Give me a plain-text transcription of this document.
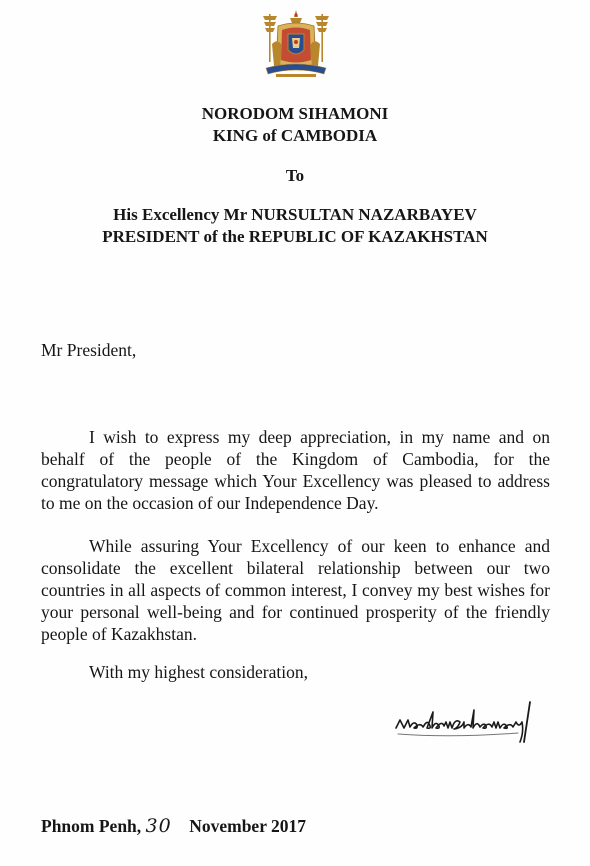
NORODOM SIHAMONI

KING of CAMBODIA

To

His Excellency Mr NURSULTAN NAZARBAYEV

PRESIDENT of the REPUBLIC OF KAZAKHSTAN

Mr President,

I wish to express my deep appreciation, in my name and on

behalf of the people of the Kingdom of Cambodia, for the

congratulatory message which Your Excellency was pleased to address

to me on the occasion of our Independence Day.

While assuring Your Excellency of our keen to enhance and

consolidate the excellent bilateral relationship between our two

countries in all aspects of common interest, I convey my best wishes for

your personal well-being and for continued prosperity of the friendly

people of Kazakhstan.

With my highest consideration,

Phnom Penh, 30 November 2017
